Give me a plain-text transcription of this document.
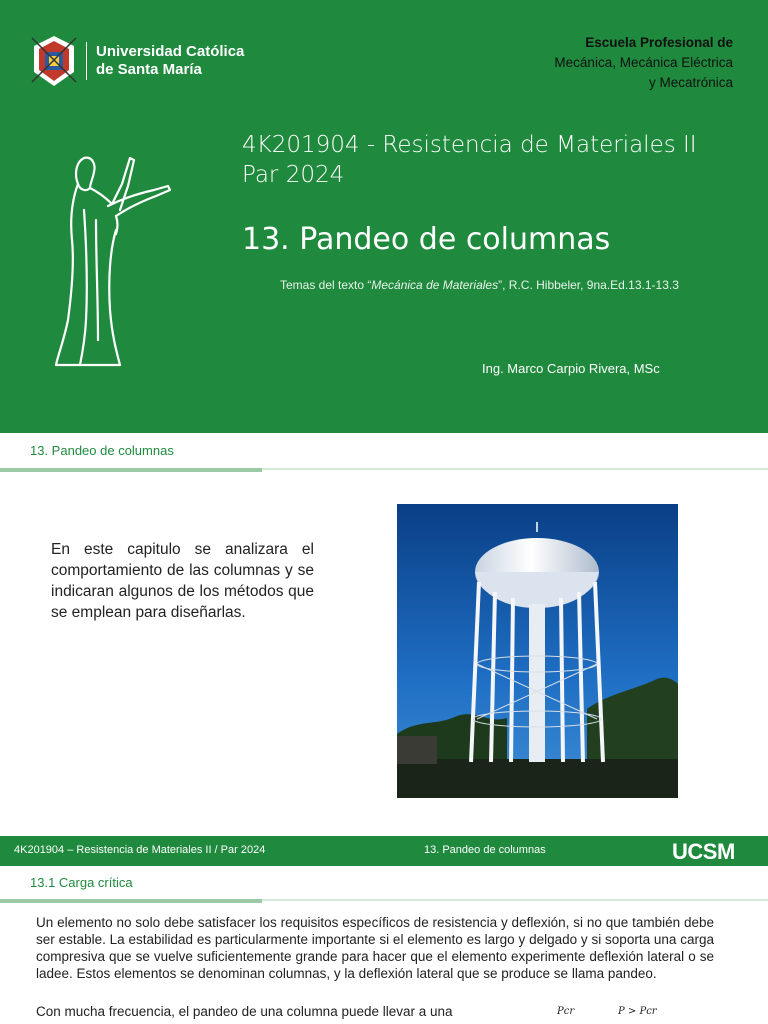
Universidad Católica
de Santa María
Escuela Profesional de
Mecánica, Mecánica Eléctrica
y Mecatrónica
4K201904 - Resistencia de Materiales II
Par 2024
13. Pandeo de columnas
Temas del texto “Mecánica de Materiales”, R.C. Hibbeler, 9na.Ed.13.1-13.3
Ing. Marco Carpio Rivera, MSc
13. Pandeo de columnas
En este capitulo se analizara el comportamiento de las columnas y se indicaran algunos de los métodos que se emplean para diseñarlas.
4K201904 – Resistencia de Materiales II / Par 2024	13. Pandeo de columnas	UCSM
13.1 Carga crítica
Un elemento no solo debe satisfacer los requisitos específicos de resistencia y deflexión, si no que también debe ser estable. La estabilidad es particularmente importante si el elemento es largo y delgado y si soporta una carga compresiva que se vuelve suficientemente grande para hacer que el elemento experimente deflexión lateral o se ladee. Estos elementos se denominan columnas, y la deflexión lateral que se produce se llama pandeo.
Con mucha frecuencia, el pandeo de una columna puede llevar a una	Pcr	P > Pcr
